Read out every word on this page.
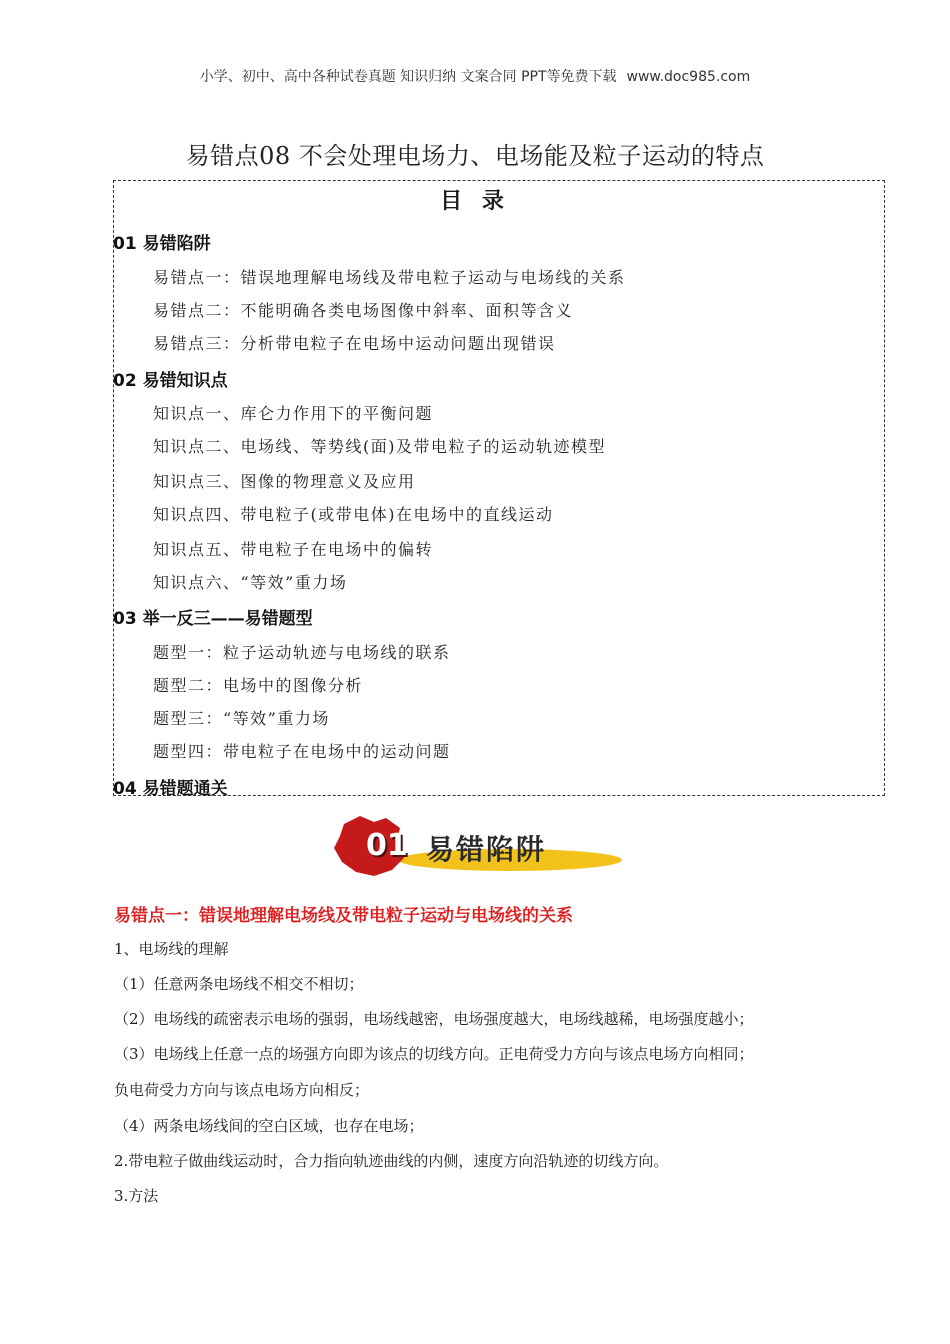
小学、初中、高中各种试卷真题 知识归纳 文案合同 PPT等免费下载 www.doc985.com
易错点08 不会处理电场力、电场能及粒子运动的特点
目 录
01 易错陷阱
易错点一：错误地理解电场线及带电粒子运动与电场线的关系
易错点二：不能明确各类电场图像中斜率、面积等含义
易错点三：分析带电粒子在电场中运动问题出现错误
02 易错知识点
知识点一、库仑力作用下的平衡问题
知识点二、电场线、等势线(面)及带电粒子的运动轨迹模型
知识点三、图像的物理意义及应用
知识点四、带电粒子(或带电体)在电场中的直线运动
知识点五、带电粒子在电场中的偏转
知识点六、“等效”重力场
03 举一反三——易错题型
题型一：粒子运动轨迹与电场线的联系
题型二：电场中的图像分析
题型三：“等效”重力场
题型四：带电粒子在电场中的运动问题
04 易错题通关
01 易错陷阱
易错点一：错误地理解电场线及带电粒子运动与电场线的关系
1、电场线的理解
（1）任意两条电场线不相交不相切；
（2）电场线的疏密表示电场的强弱，电场线越密，电场强度越大，电场线越稀，电场强度越小；
（3）电场线上任意一点的场强方向即为该点的切线方向。正电荷受力方向与该点电场方向相同；
负电荷受力方向与该点电场方向相反；
（4）两条电场线间的空白区域，也存在电场；
2.带电粒子做曲线运动时，合力指向轨迹曲线的内侧，速度方向沿轨迹的切线方向。
3.方法
